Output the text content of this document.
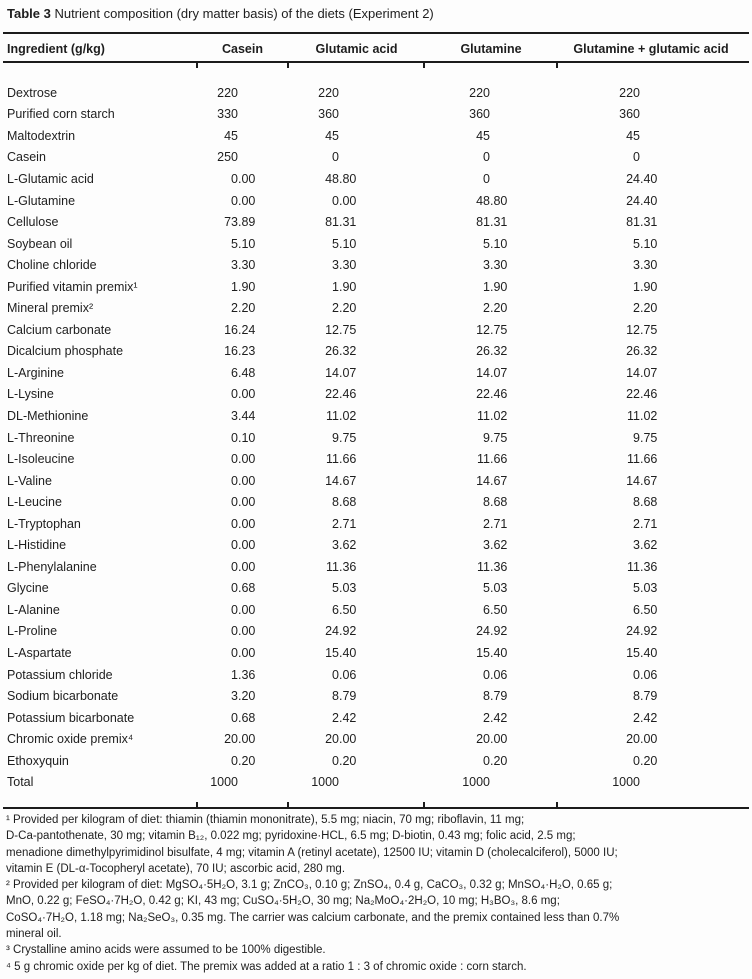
Table 3 Nutrient composition (dry matter basis) of the diets (Experiment 2)
Ingredient (g/kg)	Casein	Glutamic acid	Glutamine	Glutamine + glutamic acid
Dextrose	220	220	220	220
Purified corn starch	330	360	360	360
Maltodextrin	45	45	45	45
Casein	250	0	0	0
L-Glutamic acid	0 .00	48 .80	0	24 .40
L-Glutamine	0 .00	0 .00	48 .80	24 .40
Cellulose	73 .89	81 .31	81 .31	81 .31
Soybean oil	5 .10	5 .10	5 .10	5 .10
Choline chloride	3 .30	3 .30	3 .30	3 .30
Purified vitamin premix¹	1 .90	1 .90	1 .90	1 .90
Mineral premix²	2 .20	2 .20	2 .20	2 .20
Calcium carbonate	16 .24	12 .75	12 .75	12 .75
Dicalcium phosphate	16 .23	26 .32	26 .32	26 .32
L-Arginine	6 .48	14 .07	14 .07	14 .07
L-Lysine	0 .00	22 .46	22 .46	22 .46
DL-Methionine	3 .44	11 .02	11 .02	11 .02
L-Threonine	0 .10	9 .75	9 .75	9 .75
L-Isoleucine	0 .00	11 .66	11 .66	11 .66
L-Valine	0 .00	14 .67	14 .67	14 .67
L-Leucine	0 .00	8 .68	8 .68	8 .68
L-Tryptophan	0 .00	2 .71	2 .71	2 .71
L-Histidine	0 .00	3 .62	3 .62	3 .62
L-Phenylalanine	0 .00	11 .36	11 .36	11 .36
Glycine	0 .68	5 .03	5 .03	5 .03
L-Alanine	0 .00	6 .50	6 .50	6 .50
L-Proline	0 .00	24 .92	24 .92	24 .92
L-Aspartate	0 .00	15 .40	15 .40	15 .40
Potassium chloride	1 .36	0 .06	0 .06	0 .06
Sodium bicarbonate	3 .20	8 .79	8 .79	8 .79
Potassium bicarbonate	0 .68	2 .42	2 .42	2 .42
Chromic oxide premix⁴	20 .00	20 .00	20 .00	20 .00
Ethoxyquin	0 .20	0 .20	0 .20	0 .20
Total	1000	1000	1000	1000
¹ Provided per kilogram of diet: thiamin (thiamin mononitrate), 5.5 mg; niacin, 70 mg; riboflavin, 11 mg;
D-Ca-pantothenate, 30 mg; vitamin B₁₂, 0.022 mg; pyridoxine·HCL, 6.5 mg; D-biotin, 0.43 mg; folic acid, 2.5 mg;
menadione dimethylpyrimidinol bisulfate, 4 mg; vitamin A (retinyl acetate), 12500 IU; vitamin D (cholecalciferol), 5000 IU;
vitamin E (DL-α-Tocopheryl acetate), 70 IU; ascorbic acid, 280 mg.
² Provided per kilogram of diet: MgSO₄·5H₂O, 3.1 g; ZnCO₃, 0.10 g; ZnSO₄, 0.4 g, CaCO₃, 0.32 g; MnSO₄·H₂O, 0.65 g;
MnO, 0.22 g; FeSO₄·7H₂O, 0.42 g; KI, 43 mg; CuSO₄·5H₂O, 30 mg; Na₂MoO₄·2H₂O, 10 mg; H₃BO₃, 8.6 mg;
CoSO₄·7H₂O, 1.18 mg; Na₂SeO₃, 0.35 mg. The carrier was calcium carbonate, and the premix contained less than 0.7%
mineral oil.
³ Crystalline amino acids were assumed to be 100% digestible.
⁴ 5 g chromic oxide per kg of diet. The premix was added at a ratio 1 : 3 of chromic oxide : corn starch.
